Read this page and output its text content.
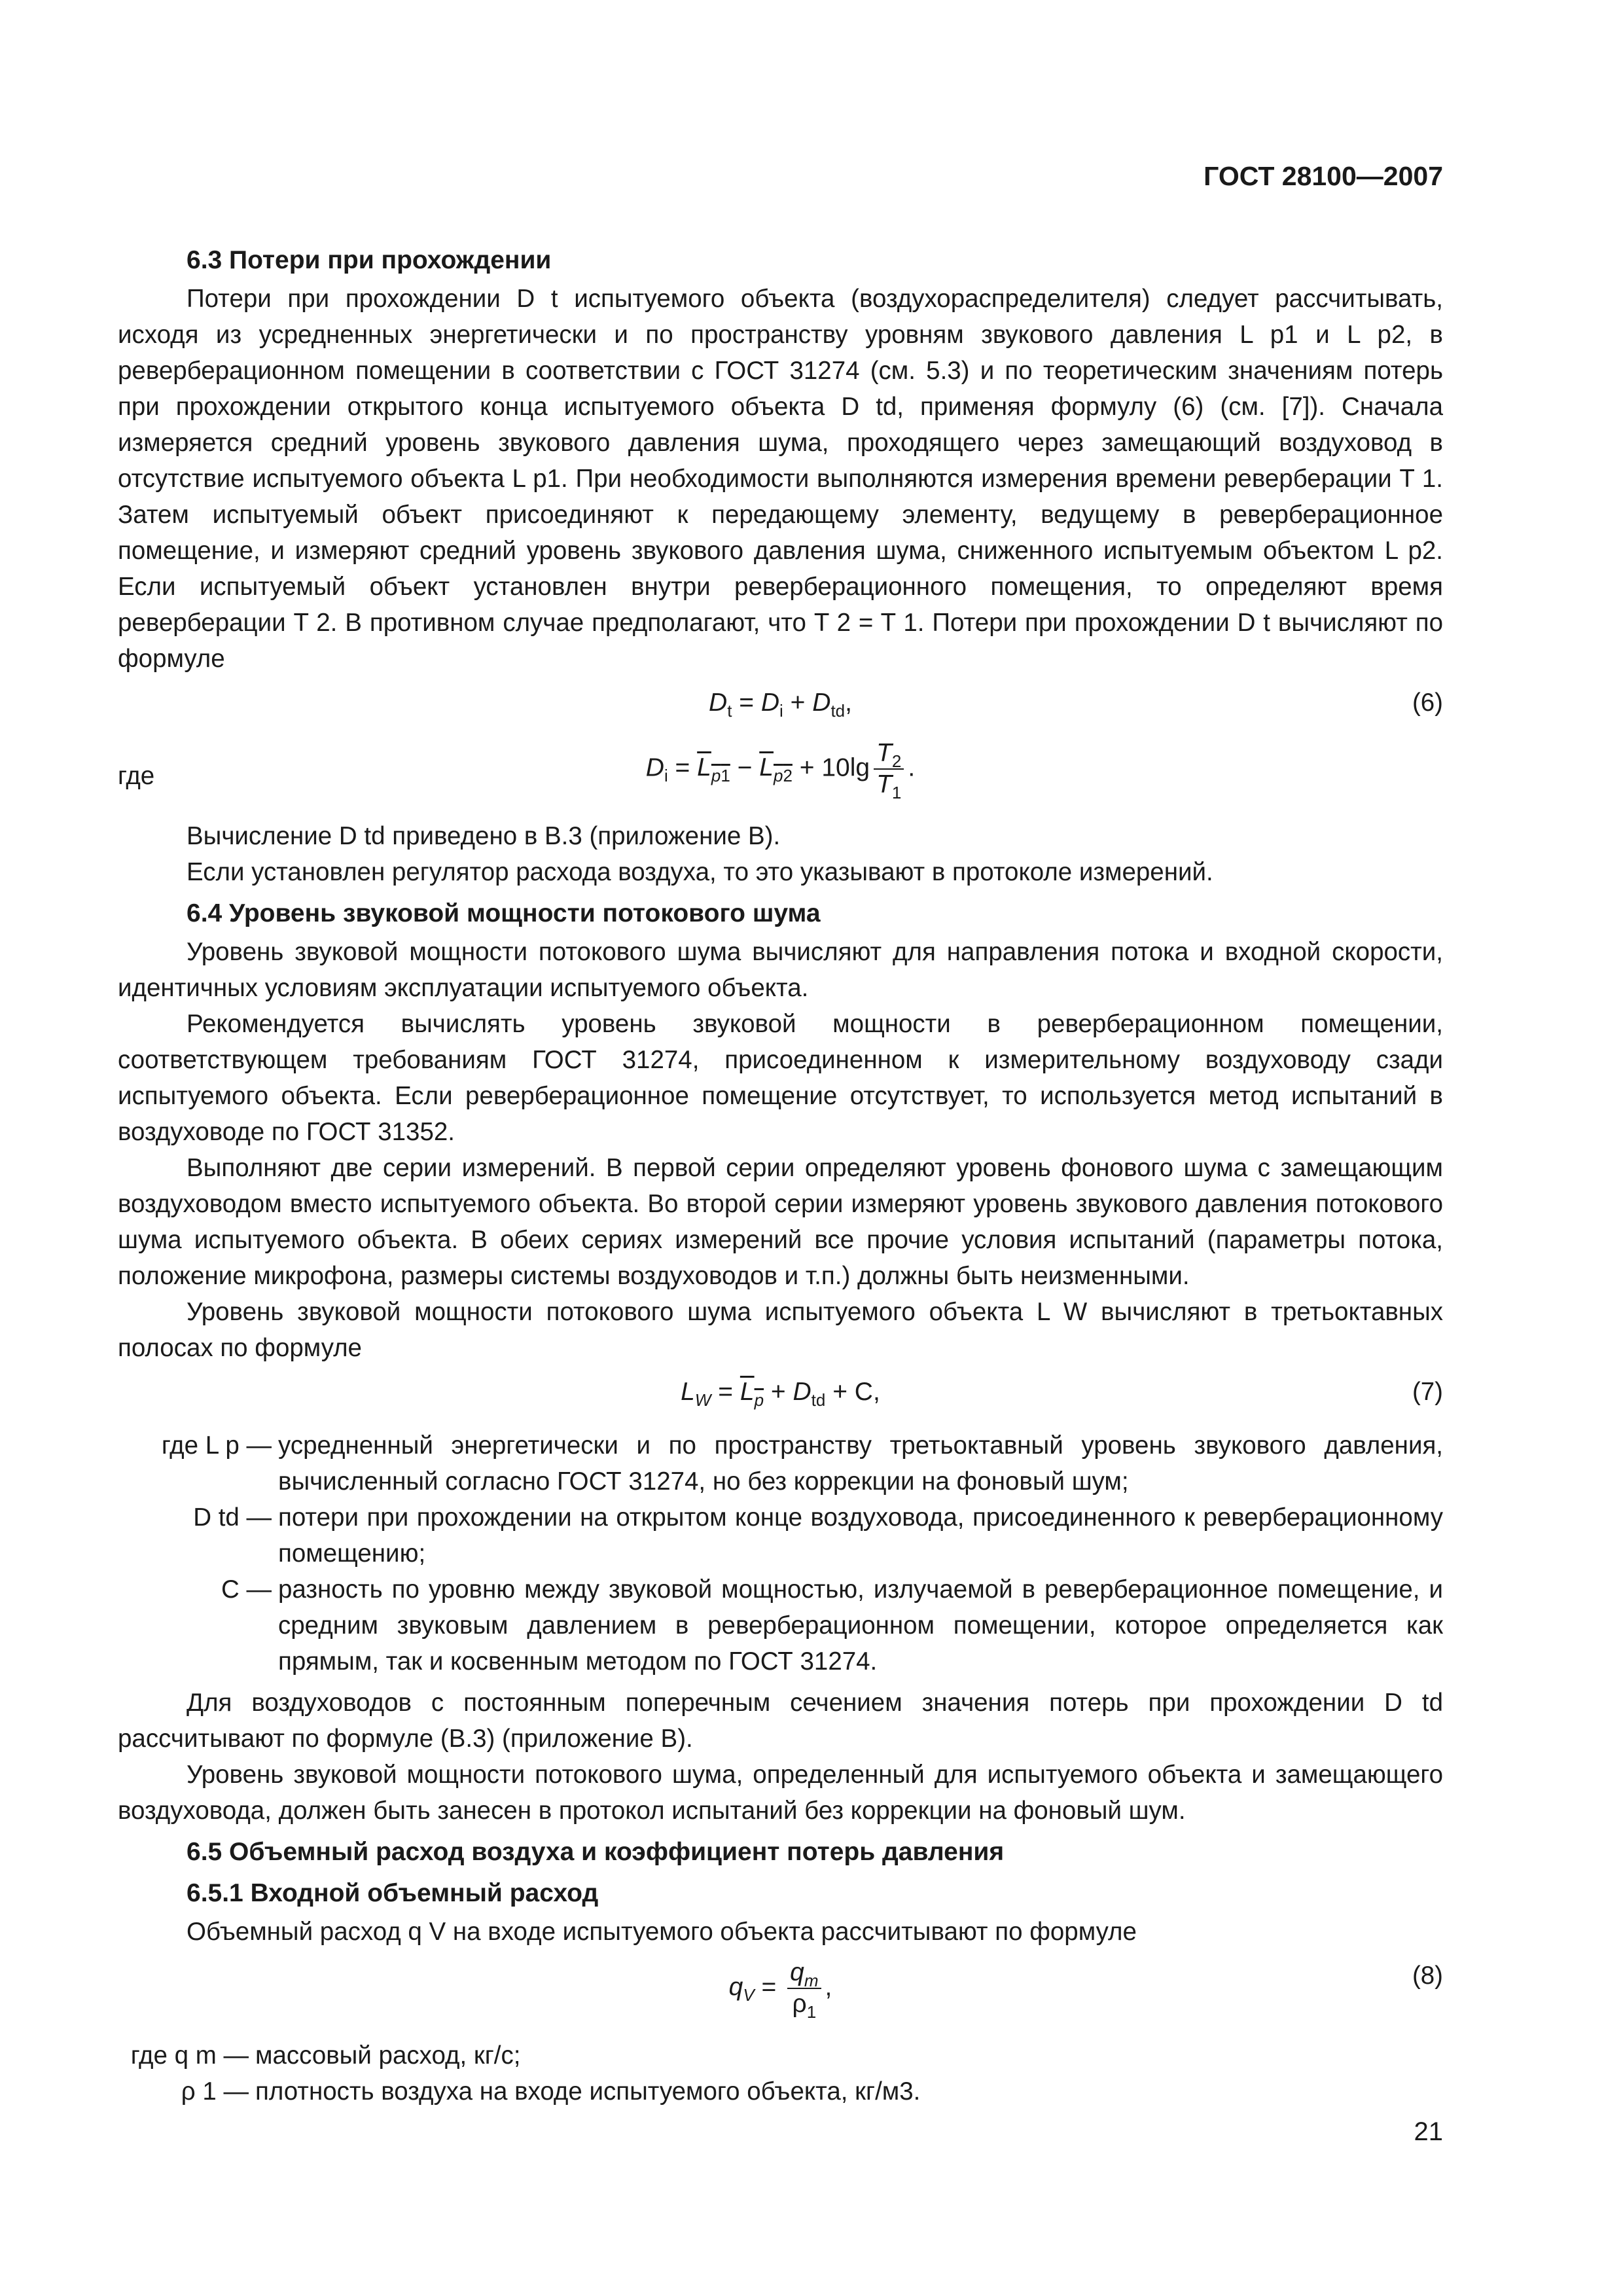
ГОСТ 28100—2007
6.3 Потери при прохождении

Потери при прохождении D t испытуемого объекта (воздухораспределителя) следует рассчитывать, исходя из усредненных энергетически и по пространству уровням звукового давления L p1 и L p2, в реверберационном помещении в соответствии с ГОСТ 31274 (см. 5.3) и по теоретическим значениям потерь при прохождении открытого конца испытуемого объекта D td, применяя формулу (6) (см. [7]). Сначала измеряется средний уровень звукового давления шума, проходящего через замещающий воздуховод в отсутствие испытуемого объекта L p1. При необходимости выполняются измерения времени реверберации T 1. Затем испытуемый объект присоединяют к передающему элементу, ведущему в реверберационное помещение, и измеряют средний уровень звукового давления шума, сниженного испытуемым объектом L p2. Если испытуемый объект установлен внутри реверберационного помещения, то определяют время реверберации T 2. В противном случае предполагают, что T 2 = T 1. Потери при прохождении D t вычисляют по формуле

$D_t = D_i + D_{td}$,	(6)
где	$D_i = L_{p1} - L_{p2} + 10\lg \frac{T_2}{T_1}$ .

Вычисление D td приведено в В.3 (приложение В).

Если установлен регулятор расхода воздуха, то это указывают в протоколе измерений.

6.4 Уровень звуковой мощности потокового шума

Уровень звуковой мощности потокового шума вычисляют для направления потока и входной скорости, идентичных условиям эксплуатации испытуемого объекта.

Рекомендуется вычислять уровень звуковой мощности в реверберационном помещении, соответствующем требованиям ГОСТ 31274, присоединенном к измерительному воздуховоду сзади испытуемого объекта. Если реверберационное помещение отсутствует, то используется метод испытаний в воздуховоде по ГОСТ 31352.

Выполняют две серии измерений. В первой серии определяют уровень фонового шума с замещающим воздуховодом вместо испытуемого объекта. Во второй серии измеряют уровень звукового давления потокового шума испытуемого объекта. В обеих сериях измерений все прочие условия испытаний (параметры потока, положение микрофона, размеры системы воздуховодов и т.п.) должны быть неизменными.

Уровень звуковой мощности потокового шума испытуемого объекта L W вычисляют в третьоктавных полосах по формуле

$L_W = L_p + D_{td} + C$,	(7)
где L p — усредненный энергетически и по пространству третьоктавный уровень звукового давления, вычисленный согласно ГОСТ 31274, но без коррекции на фоновый шум;
D td — потери при прохождении на открытом конце воздуховода, присоединенного к реверберационному помещению;
C — разность по уровню между звуковой мощностью, излучаемой в реверберационное помещение, и средним звуковым давлением в реверберационном помещении, которое определяется как прямым, так и косвенным методом по ГОСТ 31274.

Для воздуховодов с постоянным поперечным сечением значения потерь при прохождении D td рассчитывают по формуле (В.3) (приложение В).

Уровень звуковой мощности потокового шума, определенный для испытуемого объекта и замещающего воздуховода, должен быть занесен в протокол испытаний без коррекции на фоновый шум.

6.5 Объемный расход воздуха и коэффициент потерь давления
6.5.1 Входной объемный расход

Объемный расход q V на входе испытуемого объекта рассчитывают по формуле

$q_V = \frac{q_m}{\rho_1}$ ,	(8)
где q m — массовый расход, кг/с;
ρ 1 — плотность воздуха на входе испытуемого объекта, кг/м3.
21
